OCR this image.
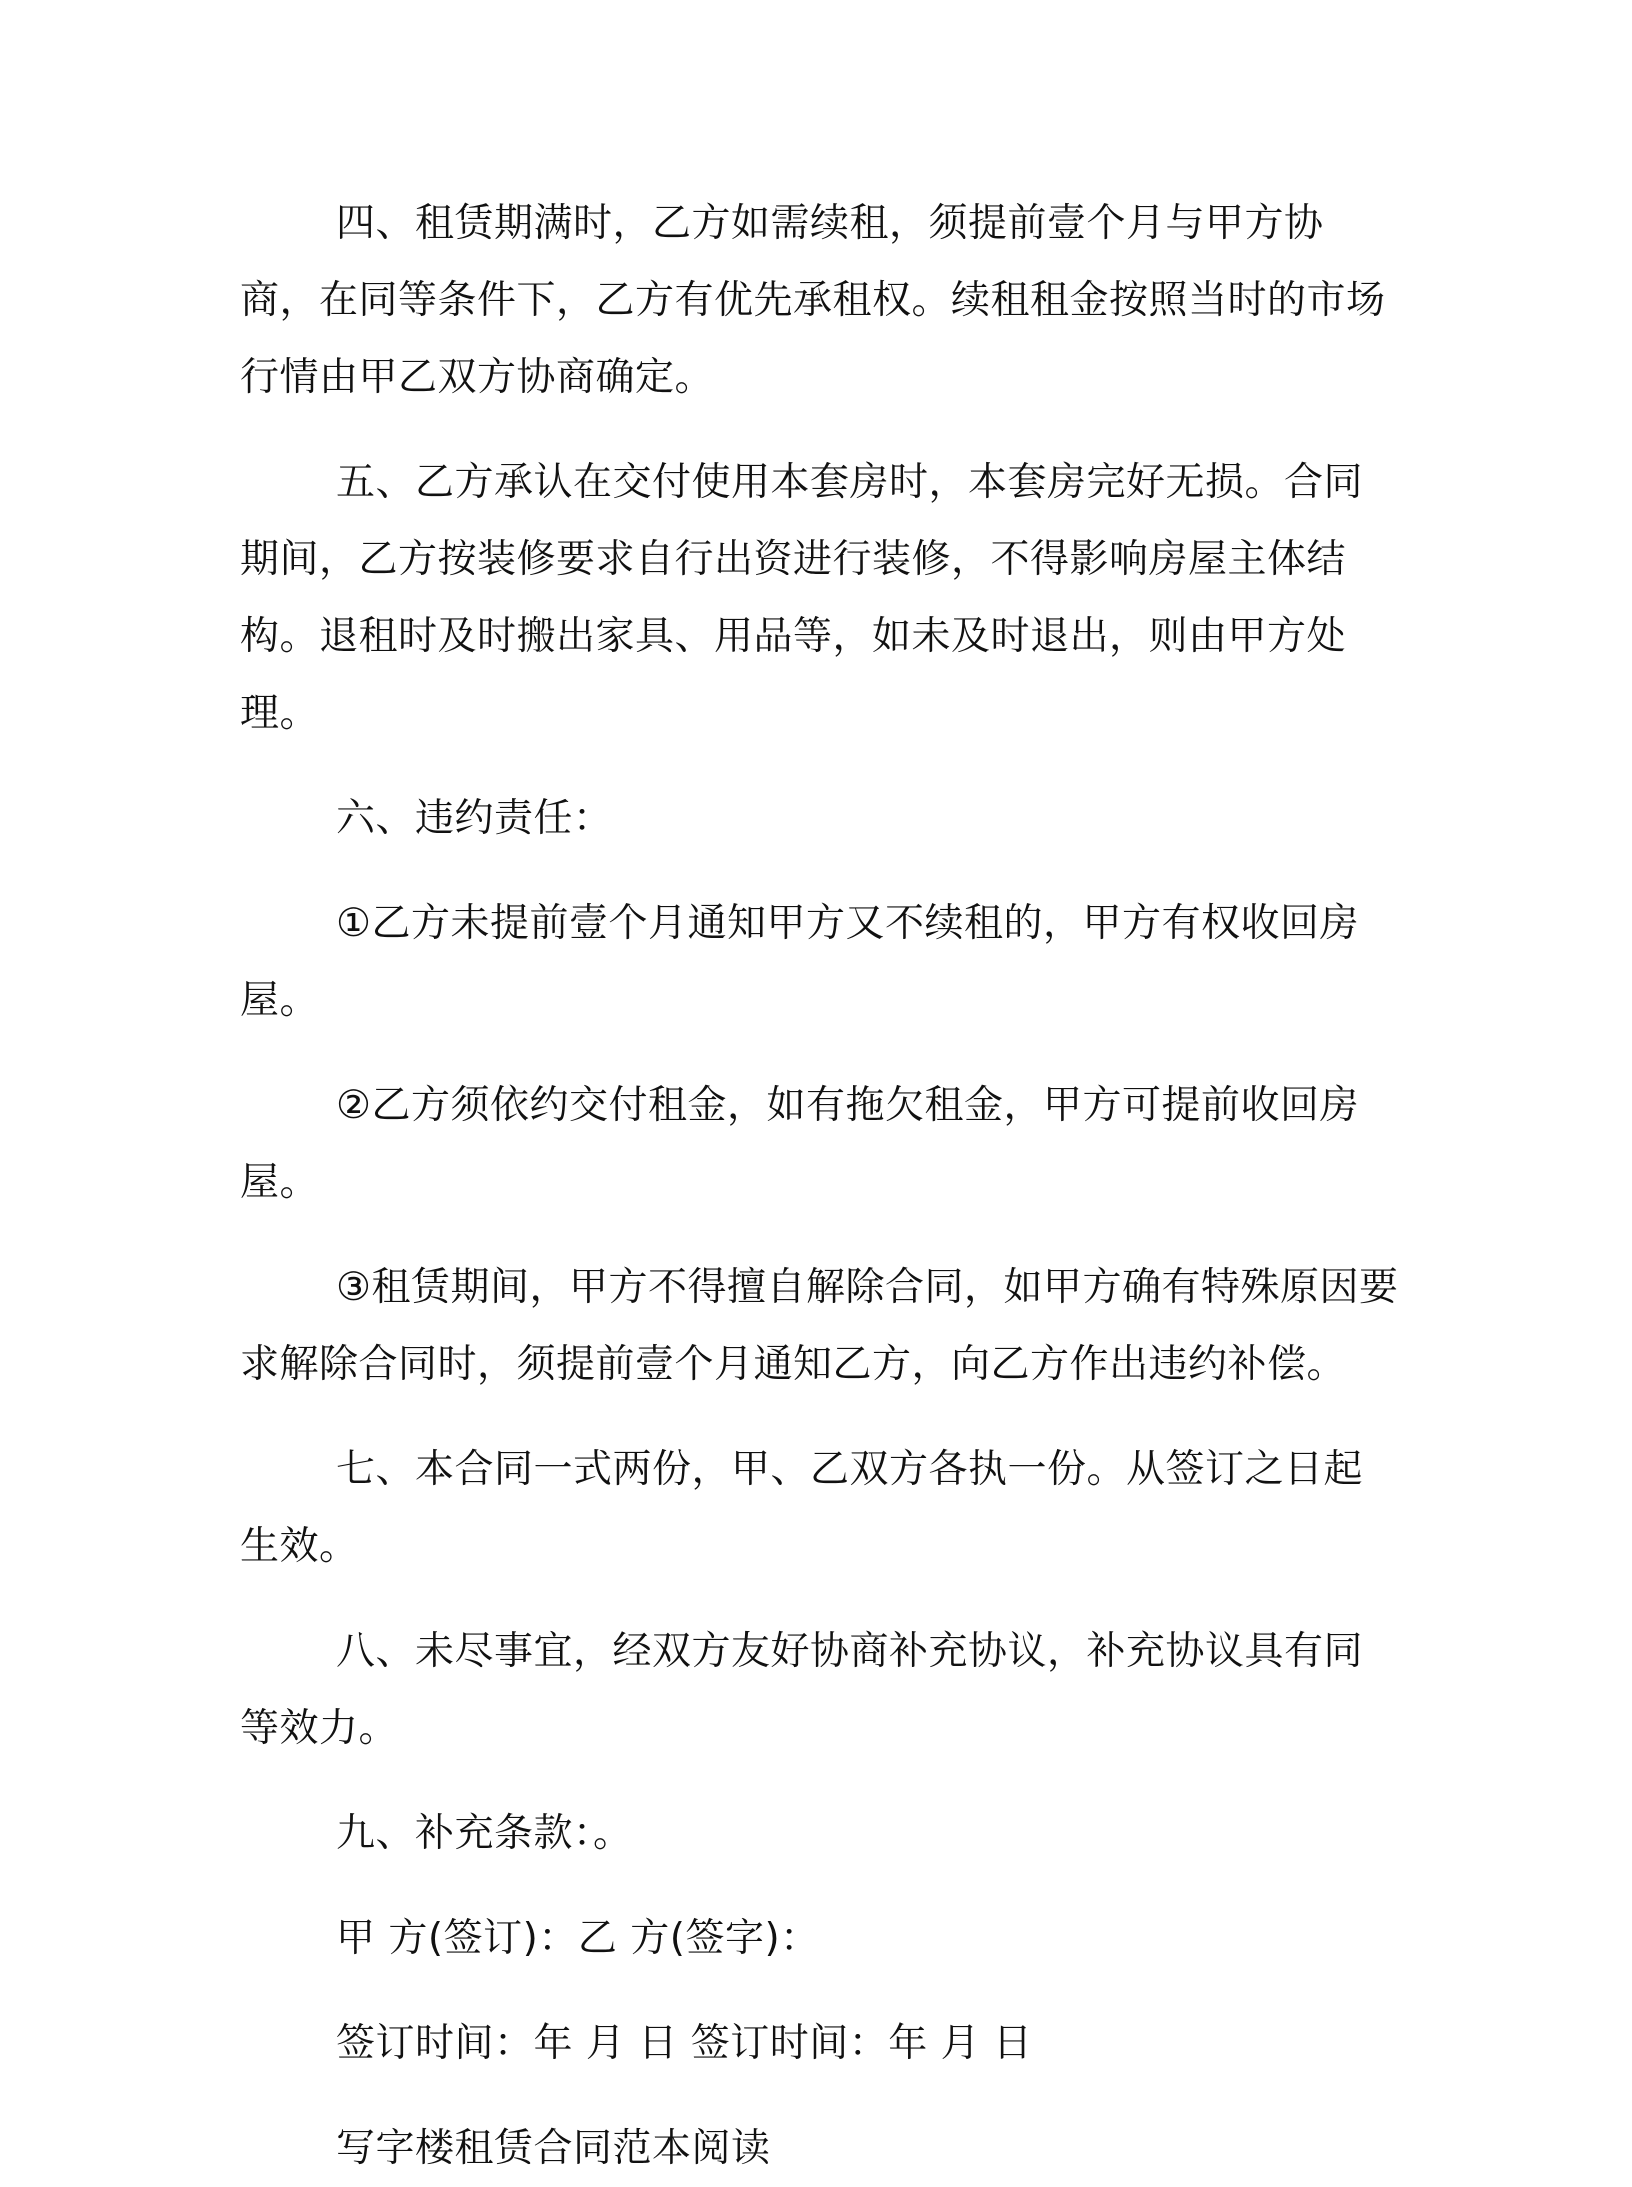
四、租赁期满时，乙方如需续租，须提前壹个月与甲方协商，在同等条件下，乙方有优先承租权。续租租金按照当时的市场行情由甲乙双方协商确定。

五、乙方承认在交付使用本套房时，本套房完好无损。合同期间，乙方按装修要求自行出资进行装修，不得影响房屋主体结构。退租时及时搬出家具、用品等，如未及时退出，则由甲方处理。

六、违约责任：

①乙方未提前壹个月通知甲方又不续租的，甲方有权收回房屋。

②乙方须依约交付租金，如有拖欠租金，甲方可提前收回房屋。

③租赁期间，甲方不得擅自解除合同，如甲方确有特殊原因要求解除合同时，须提前壹个月通知乙方，向乙方作出违约补偿。

七、本合同一式两份，甲、乙双方各执一份。从签订之日起生效。

八、未尽事宜，经双方友好协商补充协议，补充协议具有同等效力。

九、补充条款：。

甲 方(签订)：乙 方(签字)：

签订时间：年 月 日 签订时间：年 月 日

写字楼租赁合同范本阅读
